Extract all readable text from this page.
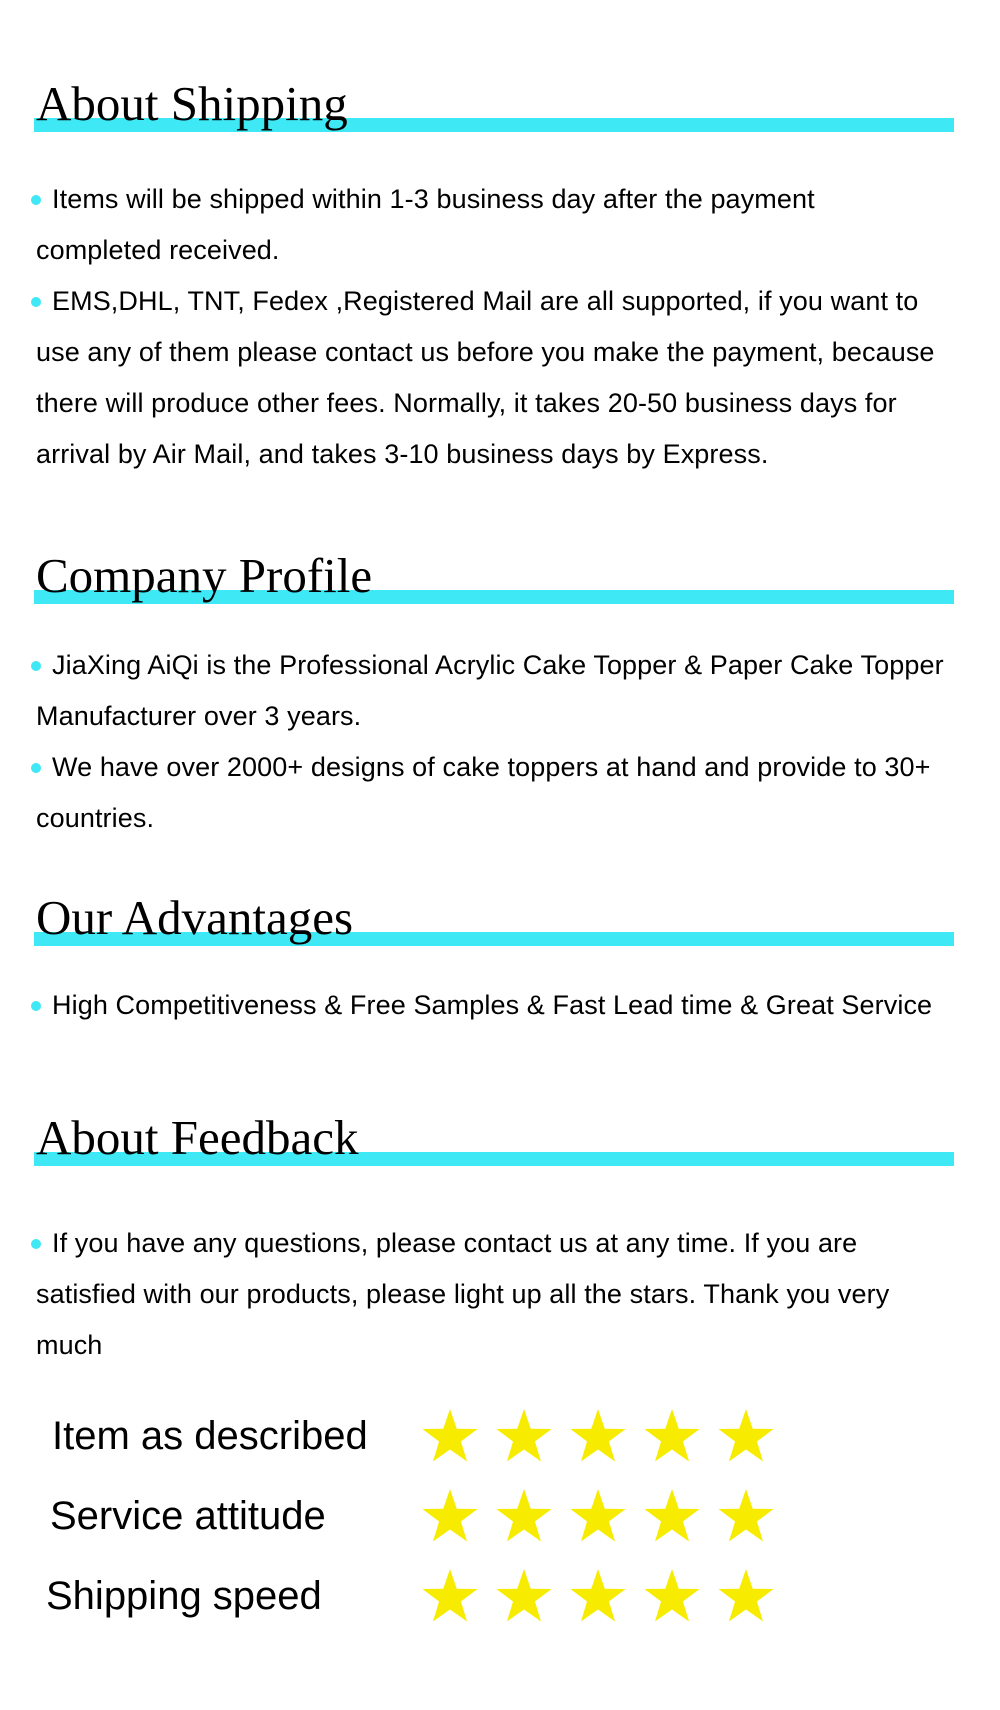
About Shipping
Items will be shipped within 1-3 business day after the payment completed received.
EMS,DHL, TNT, Fedex ,Registered Mail are all supported, if you want to use any of them please contact us before you make the payment, because there will produce other fees. Normally, it takes 20-50 business days for arrival by Air Mail, and takes 3-10 business days by Express.
Company Profile
JiaXing AiQi is the Professional Acrylic Cake Topper & Paper Cake Topper Manufacturer over 3 years.
We have over 2000+ designs of cake toppers at hand and provide to 30+ countries.
Our Advantages
High Competitiveness & Free Samples & Fast Lead time & Great Service
About Feedback
If you have any questions, please contact us at any time. If you are satisfied with our products, please light up all the stars. Thank you very much
Item as described
Service attitude
Shipping speed
